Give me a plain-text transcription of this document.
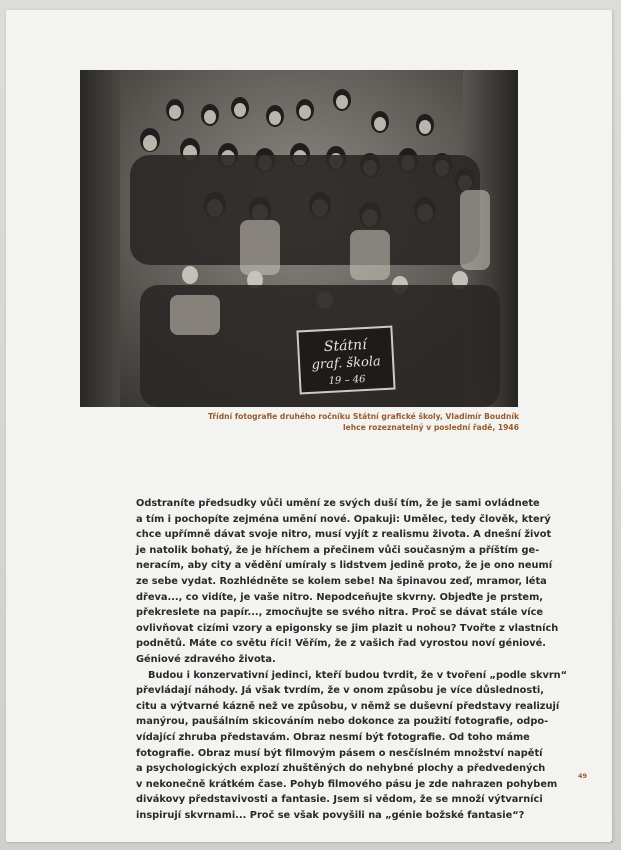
Státní
graf. škola
19 – 46
Třídní fotografie druhého ročníku Státní grafické školy, Vladimír Boudník
lehce rozeznatelný v poslední řadě, 1946
Odstraníte předsudky vůči umění ze svých duší tím, že je sami ovládnete
a tím i pochopíte zejména umění nové. Opakuji: Umělec, tedy člověk, který
chce upřímně dávat svoje nitro, musí vyjít z realismu života. A dnešní život
je natolik bohatý, že je hříchem a přečinem vůči současným a příštím ge-
neracím, aby city a vědění umíraly s lidstvem jedině proto, že je ono neumí
ze sebe vydat. Rozhlédněte se kolem sebe! Na špinavou zeď, mramor, léta
dřeva..., co vidíte, je vaše nitro. Nepodceňujte skvrny. Objeďte je prstem,
překreslete na papír..., zmocňujte se svého nitra. Proč se dávat stále více
ovlivňovat cizími vzory a epigonsky se jim plazit u nohou? Tvořte z vlastních
podnětů. Máte co světu říci! Věřím, že z vašich řad vyrostou noví géniové.
Géniové zdravého života.
Budou i konzervativní jedinci, kteří budou tvrdit, že v tvoření „podle skvrn“
převládají náhody. Já však tvrdím, že v onom způsobu je více důslednosti,
citu a výtvarné kázně než ve způsobu, v němž se duševní představy realizují
manýrou, paušálním skicováním nebo dokonce za použití fotografie, odpo-
vídající zhruba představám. Obraz nesmí být fotografie. Od toho máme
fotografie. Obraz musí být filmovým pásem o nesčíslném množství napětí
a psychologických explozí zhuštěných do nehybné plochy a předvedených
v nekonečně krátkém čase. Pohyb filmového pásu je zde nahrazen pohybem
divákovy představivosti a fantasie. Jsem si vědom, že se množí výtvarníci
inspirují skvrnami... Proč se však povyšili na „génie božské fantasie“?
49
